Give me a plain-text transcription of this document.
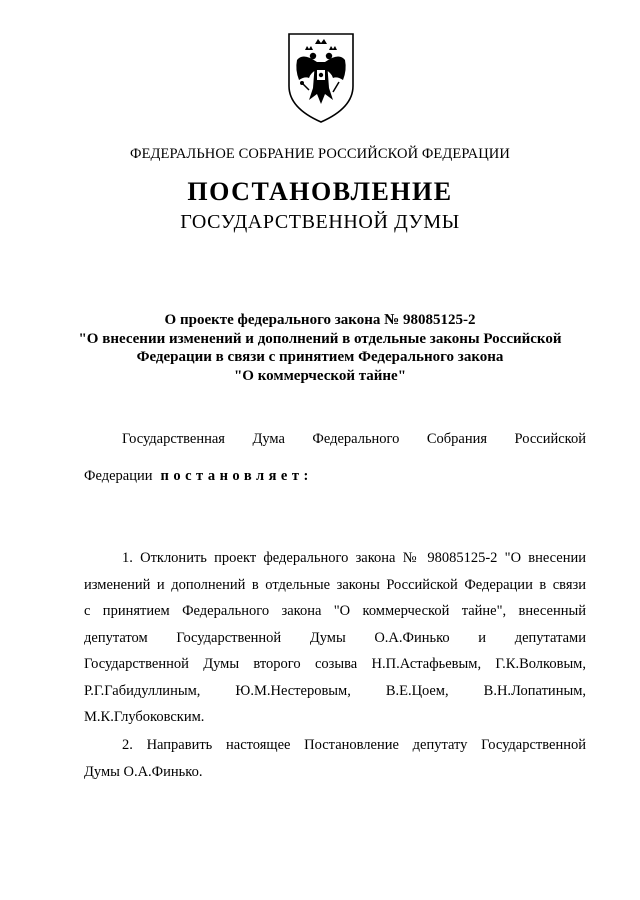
ФЕДЕРАЛЬНОЕ СОБРАНИЕ РОССИЙСКОЙ ФЕДЕРАЦИИ
ПОСТАНОВЛЕНИЕ
ГОСУДАРСТВЕННОЙ ДУМЫ
О проекте федерального закона № 98085125-2
"О внесении изменений и дополнений в отдельные законы Российской
Федерации в связи с принятием Федерального закона
"О коммерческой тайне"
Государственная Дума Федерального Собрания Российской
Федерации постановляет:
1. Отклонить проект федерального закона № 98085125-2 "О внесении
изменений и дополнений в отдельные законы Российской Федерации в связи
с принятием Федерального закона "О коммерческой тайне", внесенный
депутатом Государственной Думы О.А.Финько и депутатами
Государственной Думы второго созыва Н.П.Астафьевым, Г.К.Волковым,
Р.Г.Габидуллиным, Ю.М.Нестеровым, В.Е.Цоем, В.Н.Лопатиным,
М.К.Глубоковским.
2. Направить настоящее Постановление депутату Государственной
Думы О.А.Финько.
